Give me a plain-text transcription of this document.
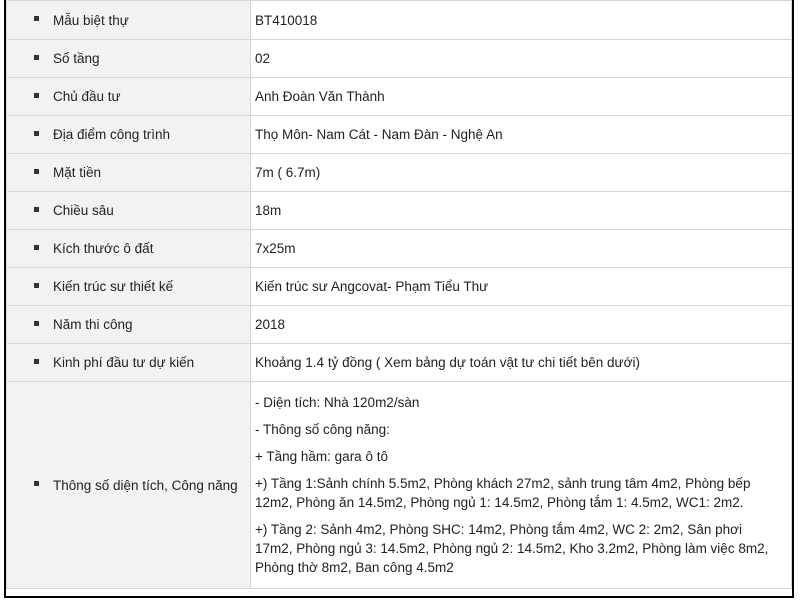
Mẫu biệt thự	BT410018
Số tầng	02
Chủ đầu tư	Anh Đoàn Văn Thành
Địa điểm công trình	Thọ Môn- Nam Cát - Nam Đàn - Nghệ An
Mặt tiền	7m ( 6.7m)
Chiều sâu	18m
Kích thước ô đất	7x25m
Kiến trúc sư thiết kế	Kiến trúc sư Angcovat- Phạm Tiểu Thư
Năm thi công	2018
Kinh phí đầu tư dự kiến	Khoảng 1.4 tỷ đồng ( Xem bảng dự toán vật tư chi tiết bên dưới)
Thông số diện tích, Công năng	- Diện tích: Nhà 120m2/sàn

- Thông số công năng:

+ Tầng hầm: gara ô tô

+) Tầng 1:Sảnh chính 5.5m2, Phòng khách 27m2, sảnh trung tâm 4m2, Phòng bếp 12m2, Phòng ăn 14.5m2, Phòng ngủ 1: 14.5m2, Phòng tắm 1: 4.5m2, WC1: 2m2.

+) Tầng 2: Sảnh 4m2, Phòng SHC: 14m2, Phòng tắm 4m2, WC 2: 2m2, Sân phơi 17m2, Phòng ngủ 3: 14.5m2, Phòng ngủ 2: 14.5m2, Kho 3.2m2, Phòng làm việc 8m2, Phòng thờ 8m2, Ban công 4.5m2
